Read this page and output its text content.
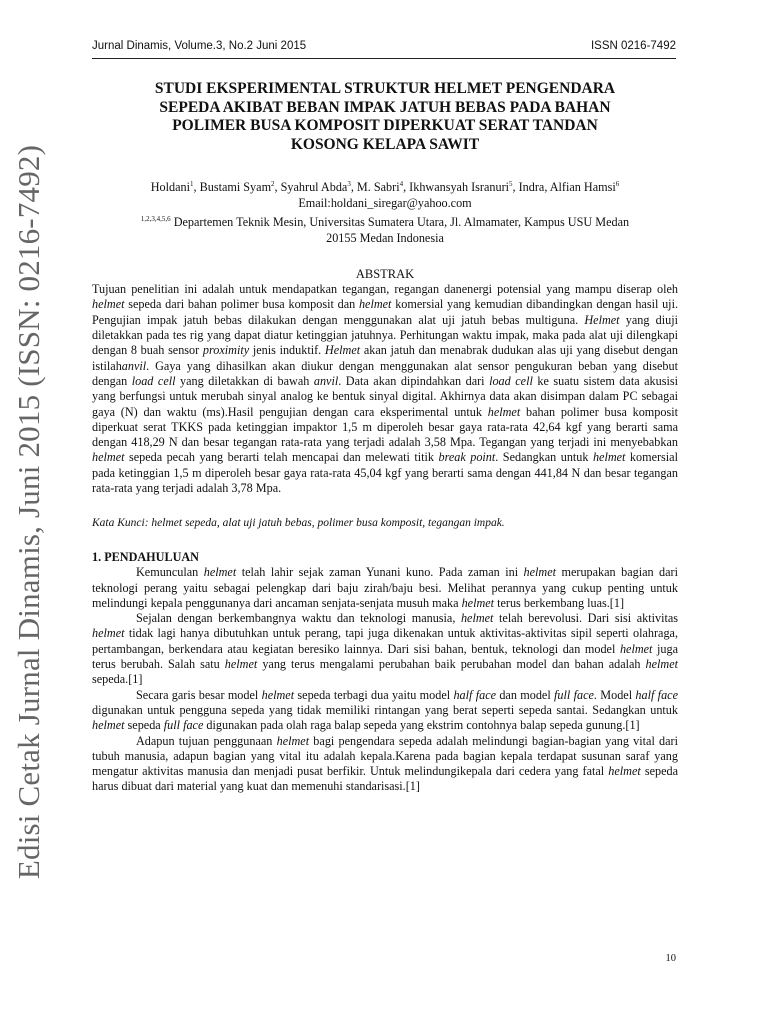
Edisi Cetak Jurnal Dinamis, Juni 2015 (ISSN: 0216-7492)
Jurnal Dinamis, Volume.3, No.2 Juni 2015	ISSN 0216-7492
STUDI EKSPERIMENTAL STRUKTUR HELMET PENGENDARA
SEPEDA AKIBAT BEBAN IMPAK JATUH BEBAS PADA BAHAN
POLIMER BUSA KOMPOSIT DIPERKUAT SERAT TANDAN
KOSONG KELAPA SAWIT
Holdani$^1$, Bustami Syam$^2$, Syahrul Abda$^3$, M. Sabri$^4$, Ikhwansyah Isranuri$^5$, Indra, Alfian Hamsi$^6$
Email:holdani_siregar@yahoo.com
$^{1,2,3,4,5,6}$ Departemen Teknik Mesin, Universitas Sumatera Utara, Jl. Almamater, Kampus USU Medan
20155 Medan Indonesia
ABSTRAK
Tujuan penelitian ini adalah untuk mendapatkan tegangan, regangan danenergi potensial yang mampu diserap oleh helmet sepeda dari bahan polimer busa komposit dan helmet komersial yang kemudian dibandingkan dengan hasil uji. Pengujian impak jatuh bebas dilakukan dengan menggunakan alat uji jatuh bebas multiguna. Helmet yang diuji diletakkan pada tes rig yang dapat diatur ketinggian jatuhnya. Perhitungan waktu impak, maka pada alat uji dilengkapi dengan 8 buah sensor proximity jenis induktif. Helmet akan jatuh dan menabrak dudukan alas uji yang disebut dengan istilahanvil. Gaya yang dihasilkan akan diukur dengan menggunakan alat sensor pengukuran beban yang disebut dengan load cell yang diletakkan di bawah anvil. Data akan dipindahkan dari load cell ke suatu sistem data akusisi yang berfungsi untuk merubah sinyal analog ke bentuk sinyal digital. Akhirnya data akan disimpan dalam PC sebagai gaya (N) dan waktu (ms).Hasil pengujian dengan cara eksperimental untuk helmet bahan polimer busa komposit diperkuat serat TKKS pada ketinggian impaktor 1,5 m diperoleh besar gaya rata-rata 42,64 kgf yang berarti sama dengan 418,29 N dan besar tegangan rata-rata yang terjadi adalah 3,58 Mpa. Tegangan yang terjadi ini menyebabkan helmet sepeda pecah yang berarti telah mencapai dan melewati titik break point. Sedangkan untuk helmet komersial pada ketinggian 1,5 m diperoleh besar gaya rata-rata 45,04 kgf yang berarti sama dengan 441,84 N dan besar tegangan rata-rata yang terjadi adalah 3,78 Mpa.
Kata Kunci: helmet sepeda, alat uji jatuh bebas, polimer busa komposit, tegangan impak.
1. PENDAHULUAN

Kemunculan helmet telah lahir sejak zaman Yunani kuno. Pada zaman ini helmet merupakan bagian dari teknologi perang yaitu sebagai pelengkap dari baju zirah/baju besi. Melihat perannya yang cukup penting untuk melindungi kepala penggunanya dari ancaman senjata-senjata musuh maka helmet terus berkembang luas.[1]

Sejalan dengan berkembangnya waktu dan teknologi manusia, helmet telah berevolusi. Dari sisi aktivitas helmet tidak lagi hanya dibutuhkan untuk perang, tapi juga dikenakan untuk aktivitas-aktivitas sipil seperti olahraga, pertambangan, berkendara atau kegiatan beresiko lainnya. Dari sisi bahan, bentuk, teknologi dan model helmet juga terus berubah. Salah satu helmet yang terus mengalami perubahan baik perubahan model dan bahan adalah helmet sepeda.[1]

Secara garis besar model helmet sepeda terbagi dua yaitu model half face dan model full face. Model half face digunakan untuk pengguna sepeda yang tidak memiliki rintangan yang berat seperti sepeda santai. Sedangkan untuk helmet sepeda full face digunakan pada olah raga balap sepeda yang ekstrim contohnya balap sepeda gunung.[1]

Adapun tujuan penggunaan helmet bagi pengendara sepeda adalah melindungi bagian-bagian yang vital dari tubuh manusia, adapun bagian yang vital itu adalah kepala.Karena pada bagian kepala terdapat susunan saraf yang mengatur aktivitas manusia dan menjadi pusat berfikir. Untuk melindungikepala dari cedera yang fatal helmet sepeda harus dibuat dari material yang kuat dan memenuhi standarisasi.[1]

10
